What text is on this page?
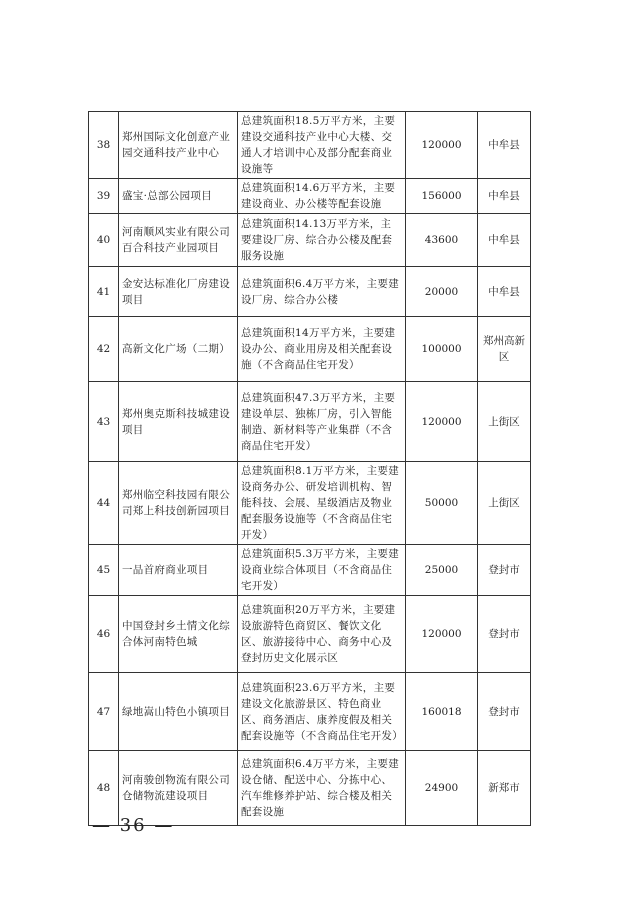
38	郑州国际文化创意产业园交通科技产业中心	总建筑面积18.5万平方米，主要建设交通科技产业中心大楼、交通人才培训中心及部分配套商业设施等	120000	中牟县
39	盛宝·总部公园项目	总建筑面积14.6万平方米，主要建设商业、办公楼等配套设施	156000	中牟县
40	河南顺风实业有限公司百合科技产业园项目	总建筑面积14.13万平方米，主要建设厂房、综合办公楼及配套服务设施	43600	中牟县
41	金安达标准化厂房建设项目	总建筑面积6.4万平方米，主要建设厂房、综合办公楼	20000	中牟县
42	高新文化广场（二期）	总建筑面积14万平方米，主要建设办公、商业用房及相关配套设施（不含商品住宅开发）	100000	郑州高新区
43	郑州奥克斯科技城建设项目	总建筑面积47.3万平方米，主要建设单层、独栋厂房，引入智能制造、新材料等产业集群（不含商品住宅开发）	120000	上街区
44	郑州临空科技园有限公司郑上科技创新园项目	总建筑面积8.1万平方米，主要建设商务办公、研发培训机构、智能科技、会展、星级酒店及物业配套服务设施等（不含商品住宅开发）	50000	上街区
45	一品首府商业项目	总建筑面积5.3万平方米，主要建设商业综合体项目（不含商品住宅开发）	25000	登封市
46	中国登封乡土情文化综合体河南特色城	总建筑面积20万平方米，主要建设旅游特色商贸区、餐饮文化区、旅游接待中心、商务中心及登封历史文化展示区	120000	登封市
47	绿地嵩山特色小镇项目	总建筑面积23.6万平方米，主要建设文化旅游景区、特色商业区、商务酒店、康养度假及相关配套设施等（不含商品住宅开发）	160018	登封市
48	河南骏创物流有限公司仓储物流建设项目	总建筑面积6.4万平方米，主要建设仓储、配送中心、分拣中心、汽车维修养护站、综合楼及相关配套设施	24900	新郑市
— 36 —
